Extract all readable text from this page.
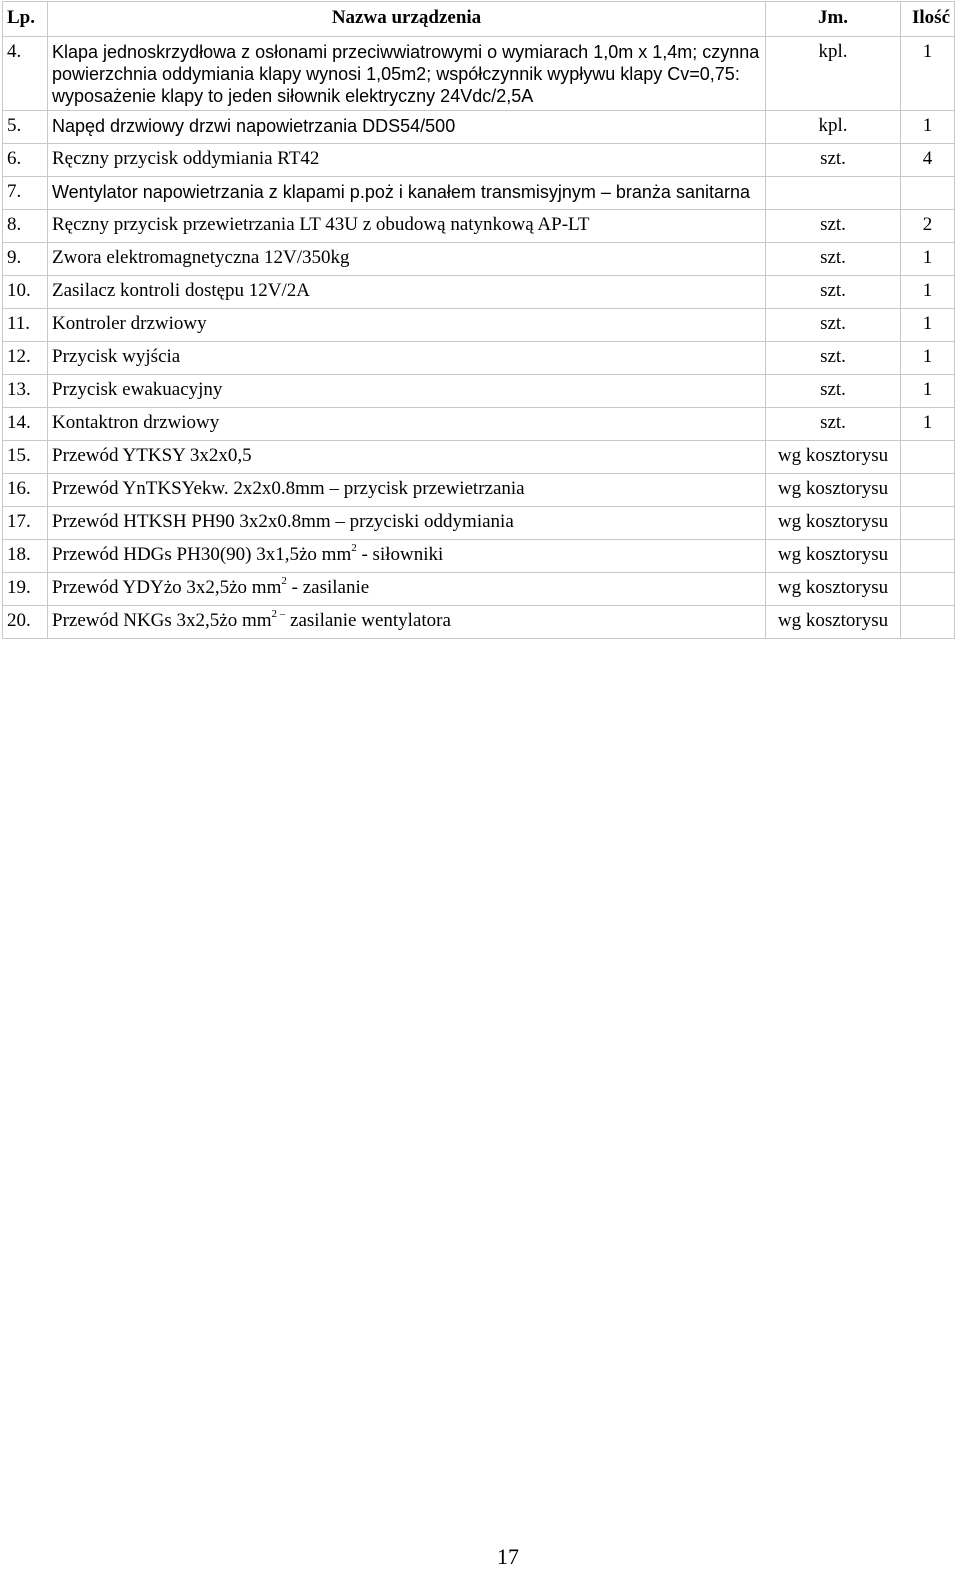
Lp.	Nazwa urządzenia	Jm.	Ilość
4.	Klapa jednoskrzydłowa z osłonami przeciwwiatrowymi o wymiarach 1,0m x 1,4m; czynna powierzchnia oddymiania klapy wynosi 1,05m2; współczynnik wypływu klapy Cv=0,75: wyposażenie klapy to jeden siłownik elektryczny 24Vdc/2,5A	kpl.	1
5.	Napęd drzwiowy drzwi napowietrzania DDS54/500	kpl.	1
6.	Ręczny przycisk oddymiania RT42	szt.	4
7.	Wentylator napowietrzania z klapami p.poż i kanałem transmisyjnym – branża sanitarna		
8.	Ręczny przycisk przewietrzania LT 43U z obudową natynkową AP-LT	szt.	2
9.	Zwora elektromagnetyczna 12V/350kg	szt.	1
10.	Zasilacz kontroli dostępu 12V/2A	szt.	1
11.	Kontroler drzwiowy	szt.	1
12.	Przycisk wyjścia	szt.	1
13.	Przycisk ewakuacyjny	szt.	1
14.	Kontaktron drzwiowy	szt.	1
15.	Przewód YTKSY 3x2x0,5	wg kosztorysu	
16.	Przewód YnTKSYekw. 2x2x0.8mm – przycisk przewietrzania	wg kosztorysu	
17.	Przewód HTKSH PH90 3x2x0.8mm – przyciski oddymiania	wg kosztorysu	
18.	Przewód HDGs PH30(90) 3x1,5żo $mm^2$ - siłowniki	wg kosztorysu	
19.	Przewód YDYżo 3x2,5żo $mm^2$ - zasilanie	wg kosztorysu	
20.	Przewód NKGs 3x2,5żo $mm^{2 -}$ zasilanie wentylatora	wg kosztorysu	
17
